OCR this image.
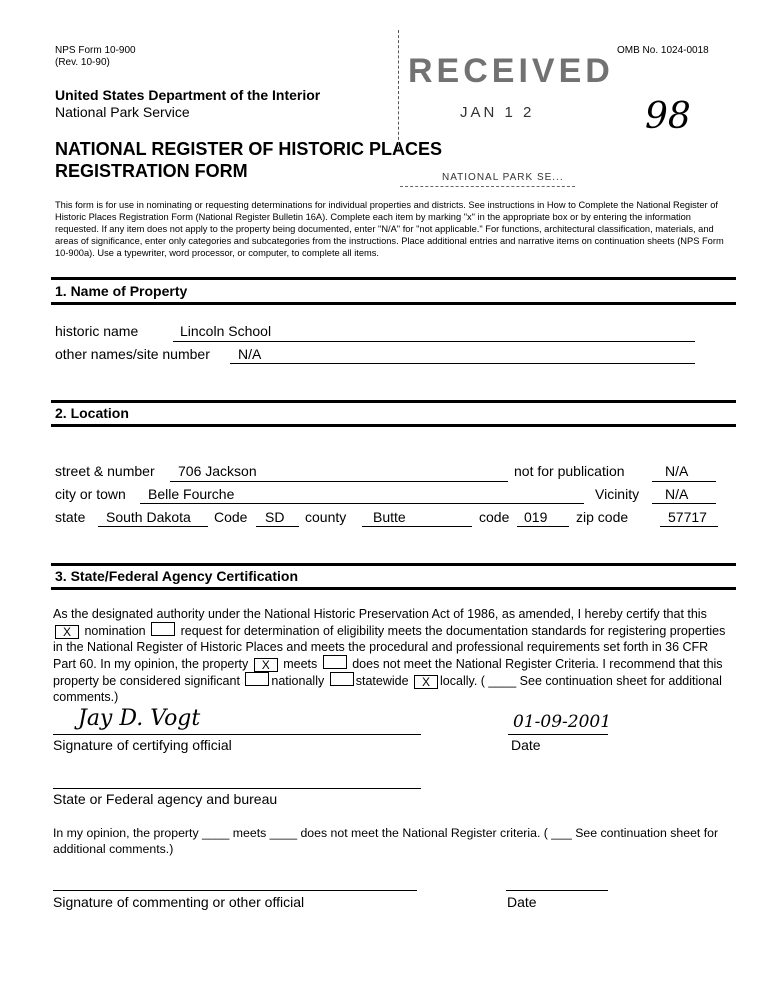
NPS Form 10-900
(Rev. 10-90)
OMB No. 1024-0018
United States Department of the Interior
National Park Service
NATIONAL REGISTER OF HISTORIC PLACES
REGISTRATION FORM
RECEIVED
JAN 1 2
NATIONAL PARK SE...
98
This form is for use in nominating or requesting determinations for individual properties and districts. See instructions in How to Complete the National Register of Historic Places Registration Form (National Register Bulletin 16A). Complete each item by marking "x" in the appropriate box or by entering the information requested. If any item does not apply to the property being documented, enter "N/A" for "not applicable." For functions, architectural classification, materials, and areas of significance, enter only categories and subcategories from the instructions. Place additional entries and narrative items on continuation sheets (NPS Form 10-900a). Use a typewriter, word processor, or computer, to complete all items.
1. Name of Property
historic name	Lincoln School
other names/site number N/A
2. Location
street & number 706 Jackson	not for publication	N/A
city or town Belle Fourche	Vicinity N/A
state South Dakota Code SD county Butte	code 019 zip code	57717
3. State/Federal Agency Certification

As the designated authority under the National Historic Preservation Act of 1986, as amended, I hereby certify that this

X nomination	request for determination of eligibility meets the documentation standards for registering properties

in the National Register of Historic Places and meets the procedural and professional requirements set forth in 36 CFR

Part 60. In my opinion, the property X meets	does not meet the National Register Criteria. I recommend that this

property be considered significant	nationally	statewide X locally. ( ____ See continuation sheet for additional

comments.)

Jay D. Vogt
Signature of certifying official
01-09-2001
Date
State or Federal agency and bureau
In my opinion, the property ____ meets ____ does not meet the National Register criteria. ( ___ See continuation sheet for
additional comments.)
Signature of commenting or other official	Date
